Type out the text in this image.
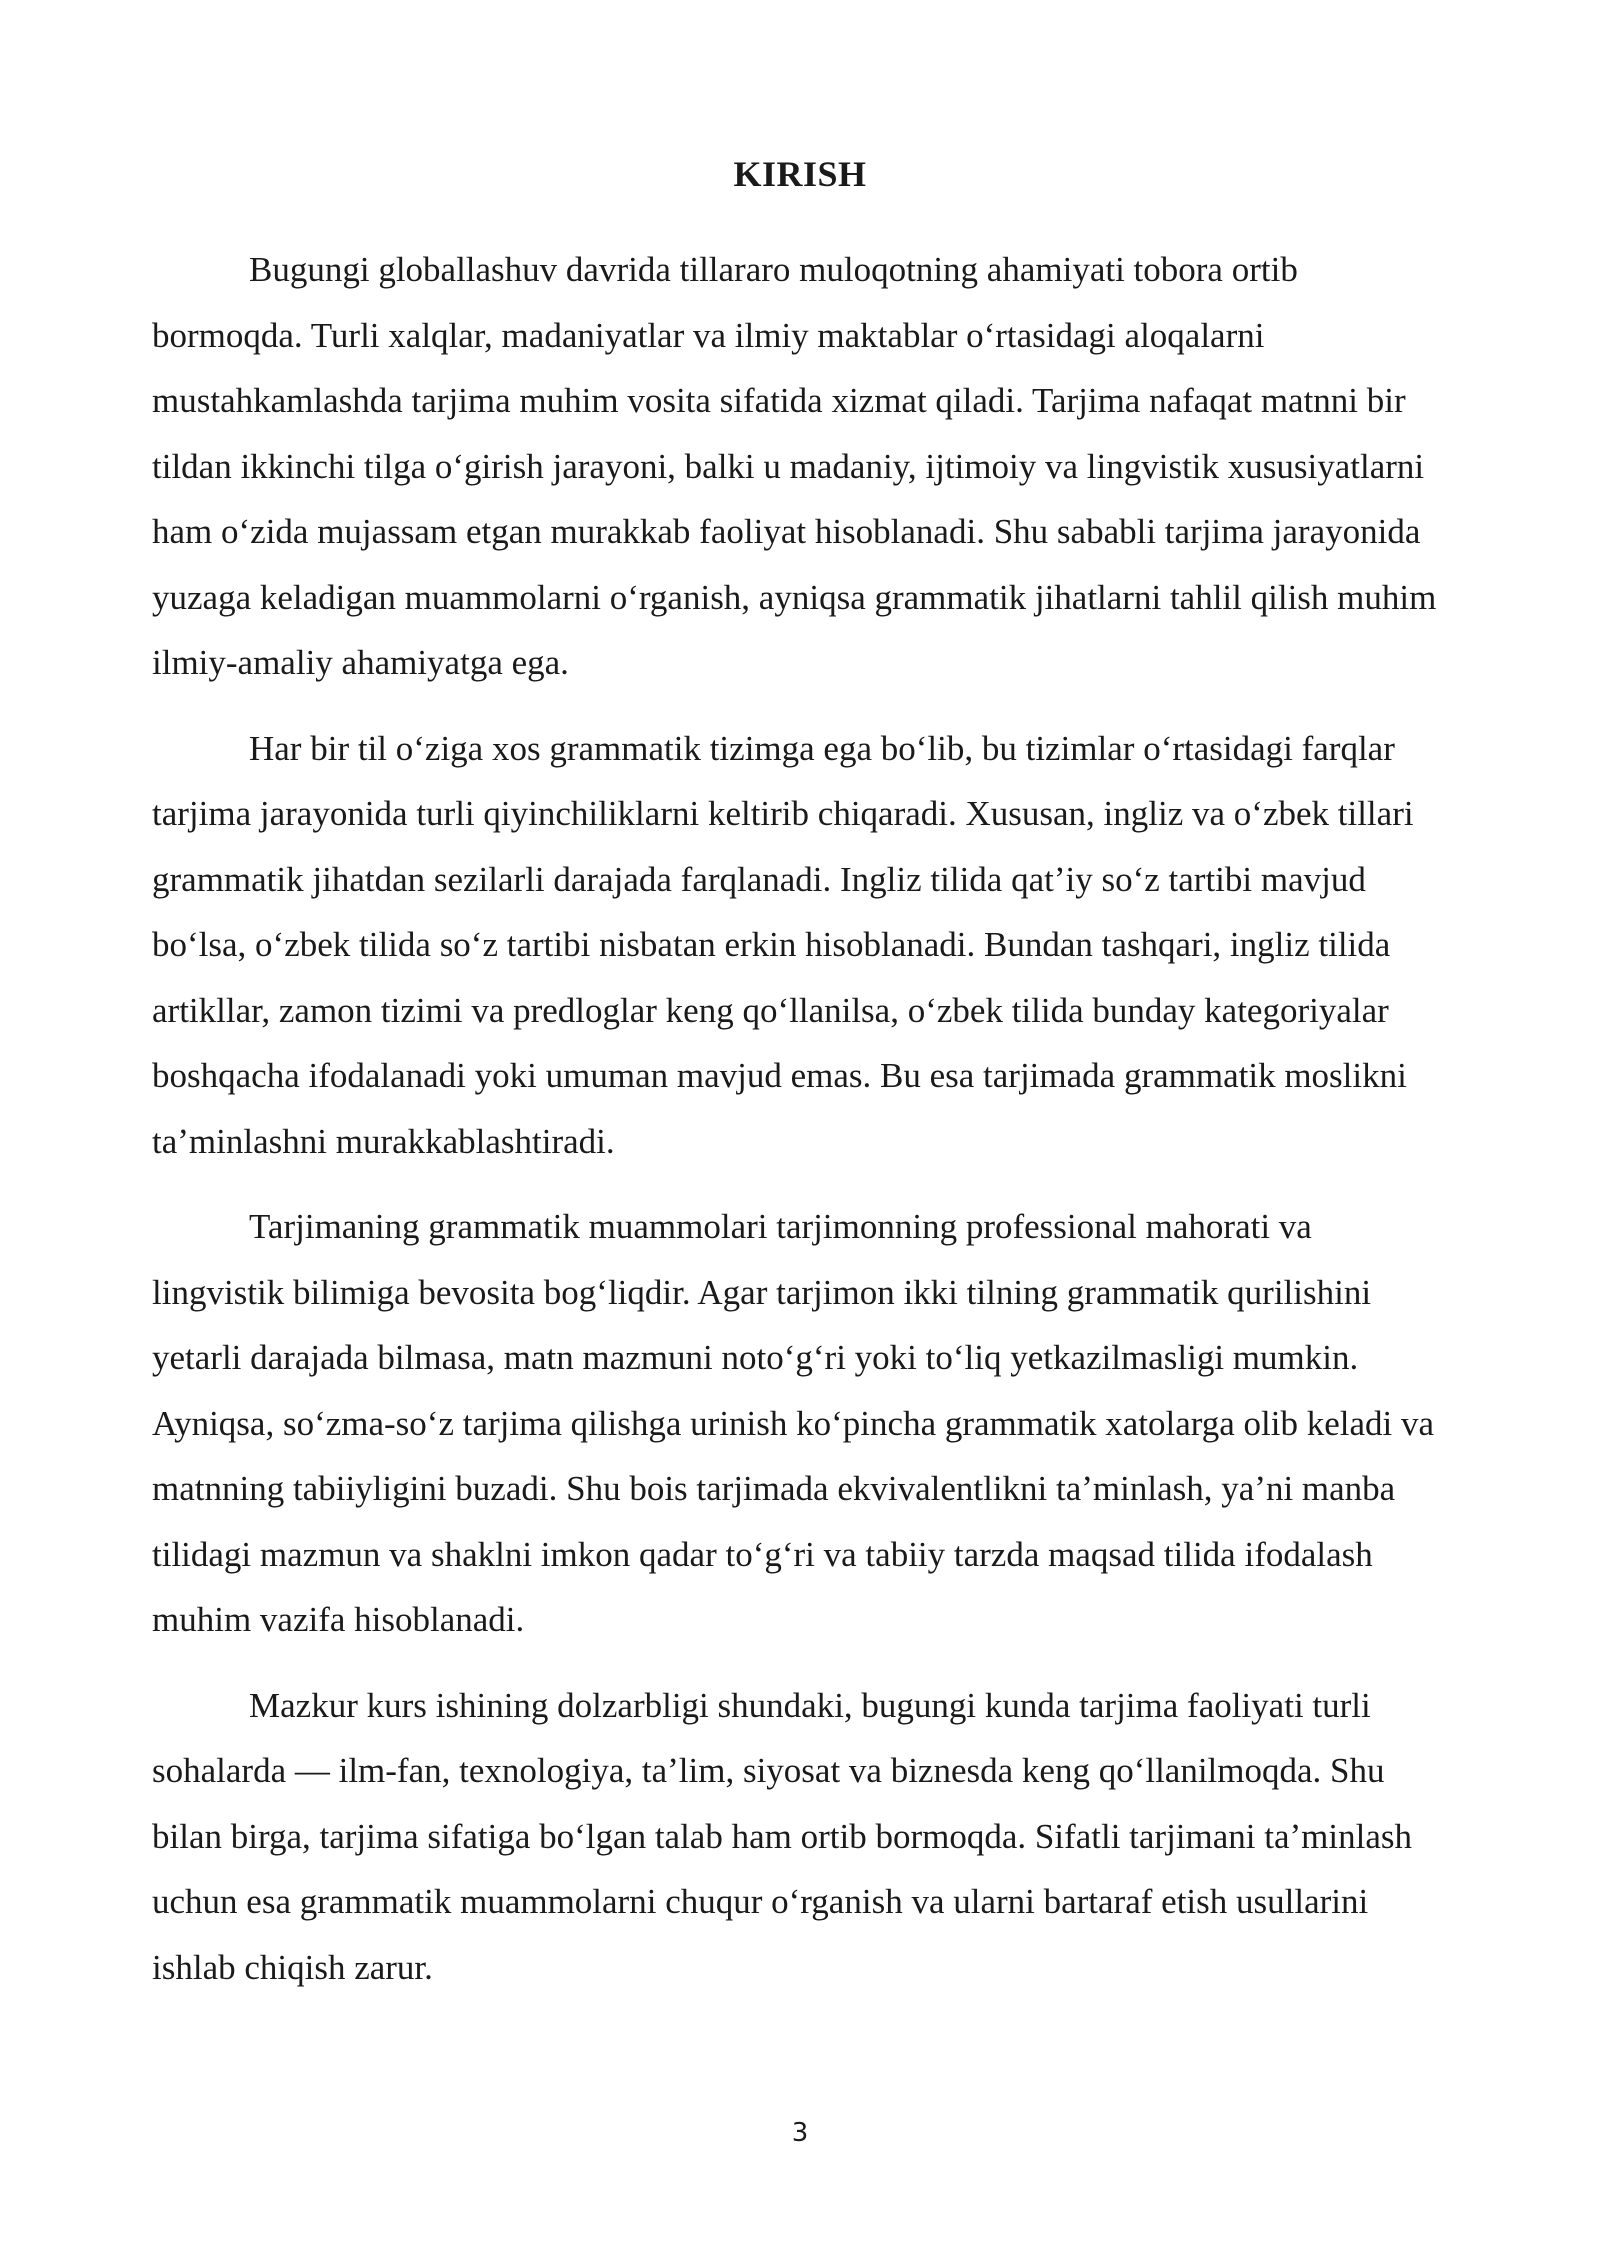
KIRISH

Bugungi globallashuv davrida tillararo muloqotning ahamiyati tobora ortib bormoqda. Turli xalqlar, madaniyatlar va ilmiy maktablar oʻrtasidagi aloqalarni mustahkamlashda tarjima muhim vosita sifatida xizmat qiladi. Tarjima nafaqat matnni bir tildan ikkinchi tilga oʻgirish jarayoni, balki u madaniy, ijtimoiy va lingvistik xususiyatlarni ham oʻzida mujassam etgan murakkab faoliyat hisoblanadi. Shu sababli tarjima jarayonida yuzaga keladigan muammolarni oʻrganish, ayniqsa grammatik jihatlarni tahlil qilish muhim ilmiy-amaliy ahamiyatga ega.

Har bir til oʻziga xos grammatik tizimga ega boʻlib, bu tizimlar oʻrtasidagi farqlar tarjima jarayonida turli qiyinchiliklarni keltirib chiqaradi. Xususan, ingliz va oʻzbek tillari grammatik jihatdan sezilarli darajada farqlanadi. Ingliz tilida qatʼiy soʻz tartibi mavjud boʻlsa, oʻzbek tilida soʻz tartibi nisbatan erkin hisoblanadi. Bundan tashqari, ingliz tilida artikllar, zamon tizimi va predloglar keng qoʻllanilsa, oʻzbek tilida bunday kategoriyalar boshqacha ifodalanadi yoki umuman mavjud emas. Bu esa tarjimada grammatik moslikni taʼminlashni murakkablashtiradi.

Tarjimaning grammatik muammolari tarjimonning professional mahorati va lingvistik bilimiga bevosita bogʻliqdir. Agar tarjimon ikki tilning grammatik qurilishini yetarli darajada bilmasa, matn mazmuni notoʻgʻri yoki toʻliq yetkazilmasligi mumkin. Ayniqsa, soʻzma-soʻz tarjima qilishga urinish koʻpincha grammatik xatolarga olib keladi va matnning tabiiyligini buzadi. Shu bois tarjimada ekvivalentlikni taʼminlash, yaʼni manba tilidagi mazmun va shaklni imkon qadar toʻgʻri va tabiiy tarzda maqsad tilida ifodalash muhim vazifa hisoblanadi.

Mazkur kurs ishining dolzarbligi shundaki, bugungi kunda tarjima faoliyati turli sohalarda — ilm-fan, texnologiya, taʼlim, siyosat va biznesda keng qoʻllanilmoqda. Shu bilan birga, tarjima sifatiga boʻlgan talab ham ortib bormoqda. Sifatli tarjimani taʼminlash uchun esa grammatik muammolarni chuqur oʻrganish va ularni bartaraf etish usullarini ishlab chiqish zarur.

3
